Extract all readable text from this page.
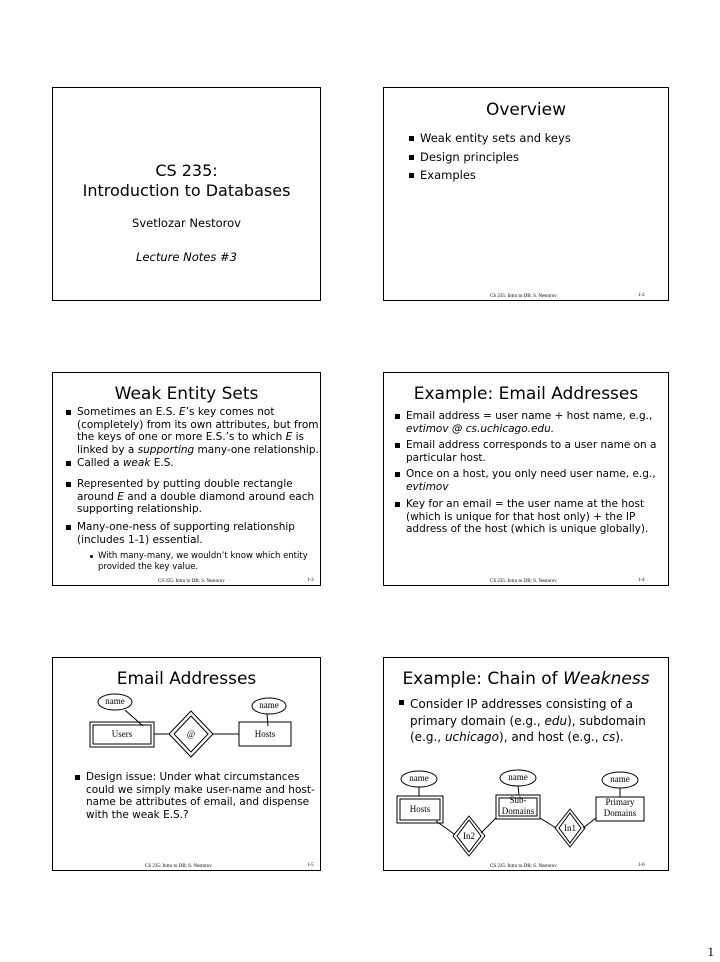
CS 235:
Introduction to Databases
Svetlozar Nestorov
Lecture Notes #3
Overview
Weak entity sets and keys
Design principles
Examples
CS 235: Intro to DB; S. Nestorov	1-2
Weak Entity Sets
Sometimes an E.S. E’s key comes not
(completely) from its own attributes, but from
the keys of one or more E.S.’s to which E is
linked by a supporting many-one relationship.
Called a weak E.S.
Represented by putting double rectangle
around E and a double diamond around each
supporting relationship.
Many-one-ness of supporting relationship
(includes 1-1) essential.
With many-many, we wouldn’t know which entity
provided the key value.
CS 235: Intro to DB; S. Nestorov	1-3
Example: Email Addresses
Email address = user name + host name, e.g.,
evtimov @ cs.uchicago.edu.
Email address corresponds to a user name on a
particular host.
Once on a host, you only need user name, e.g.,
evtimov
Key for an email = the user name at the host
(which is unique for that host only) + the IP
address of the host (which is unique globally).
CS 235: Intro to DB; S. Nestorov	1-4
Email Addresses
name	name
Users	@	Hosts
Design issue: Under what circumstances
could we simply make user-name and host-
name be attributes of email, and dispense
with the weak E.S.?
CS 235: Intro to DB; S. Nestorov	1-5
Example: Chain of Weakness
Consider IP addresses consisting of a
primary domain (e.g., edu), subdomain
(e.g., uchicago), and host (e.g., cs).
name	name	name
Hosts
Sub-
Domains
Primary
Domains
In2
In1
CS 235: Intro to DB; S. Nestorov	1-6
1
